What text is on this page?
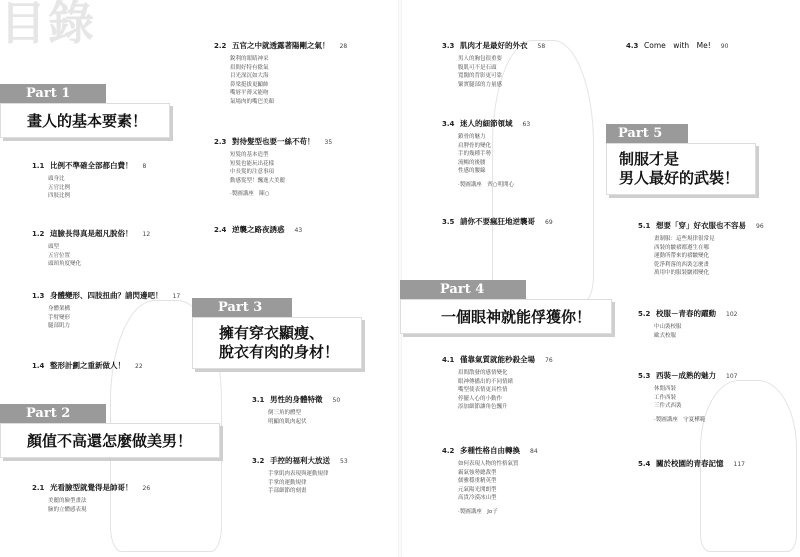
目錄
Part 1
畫人的基本要素！
1.1 比例不準確全部都白費！ 8
頭身比
五官比例
四肢比例
1.2 這臉長得真是超凡脫俗！ 12
頭型
五官位置
頭頸角度變化
1.3 身體變形、四肢扭曲？請閃邊吧！ 17
身體架構
手臂變形
腿部肌力
1.4 整形計劃之重新做人！ 22
Part 2
顏值不高還怎麼做美男！
2.1 光看臉型就覺得是帥哥！ 26
美麗的臉型畫法
臉的立體感表現
2.2 五官之中就透露著陽剛之氣！ 28
銳利的眼睛神采
眉間好特有陰氣
目光深沉如大海
鼻梁挺拔更顯帥
嘴唇平薄又能吻
氣場肉的嘴巴美顏
2.3 對待髮型也要一絲不苟！ 35
短髮的基本造型
短髮也能玩出花樣
中長髮的注意事項
動感髮型！飄逸大美麗
·製圖講座　陳○
2.4 逆襲之路夜誘惑 43
Part 3
擁有穿衣顯瘦、
脫衣有肉的身材！
3.1 男性的身體特徵 50
倒三角的體型
明顯的肌肉起伏
3.2 手控的福利大放送 53
手掌肌肉表現與運動規律
手掌的運動規律
手部細節的刻畫
3.3 肌肉才是最好的外衣 58
男人的胸包很重要
腹肌可不是石頭
寬闊的背影更可靠
緊實腿部的力量感
3.4 迷人的細節領域 63
鎖骨的魅力
肩胛骨的變化
手的幾種手勢
流暢的後腰
性感的腰線
·製圖講座　齊○明開心
3.5 請你不要瘋狂地逆襲哥 69
Part 4
一個眼神就能俘獲你！
4.1 僅靠氣質就能秒殺全場 76
眉間散發的感情變化
眼神傳播出的不同情緒
嘴型使表情更具性情
停擺人心的小動作
添加細節讓角色飄升
4.2 多種性格自由轉換 84
如何表現人物的性格氣質
霸氣強勢總裁型
儒雅穩重精英型
元氣陽光開朗型
高貴冷漠冰山型
·製圖講座　Jo子
4.3 Come　with　Me! 90
Part 5
制服才是
男人最好的武裝！
5.1 想要「穿」好衣服也不容易 96
畫制服：這些規律很常見
西裝的皺褶都遵生在哪
運動所帶來的褶皺變化
乾淨利落的西裝怎麼畫
萬用中的服裝皺褶變化
5.2 校服－青春的躍動 102
中山裝校服
歐式校服
5.3 西裝－成熟的魅力 107
休閒西裝
工作西裝
三件式西裝
·製圖講座　守夏樺範
5.4 關於校園的青春記憶 117
